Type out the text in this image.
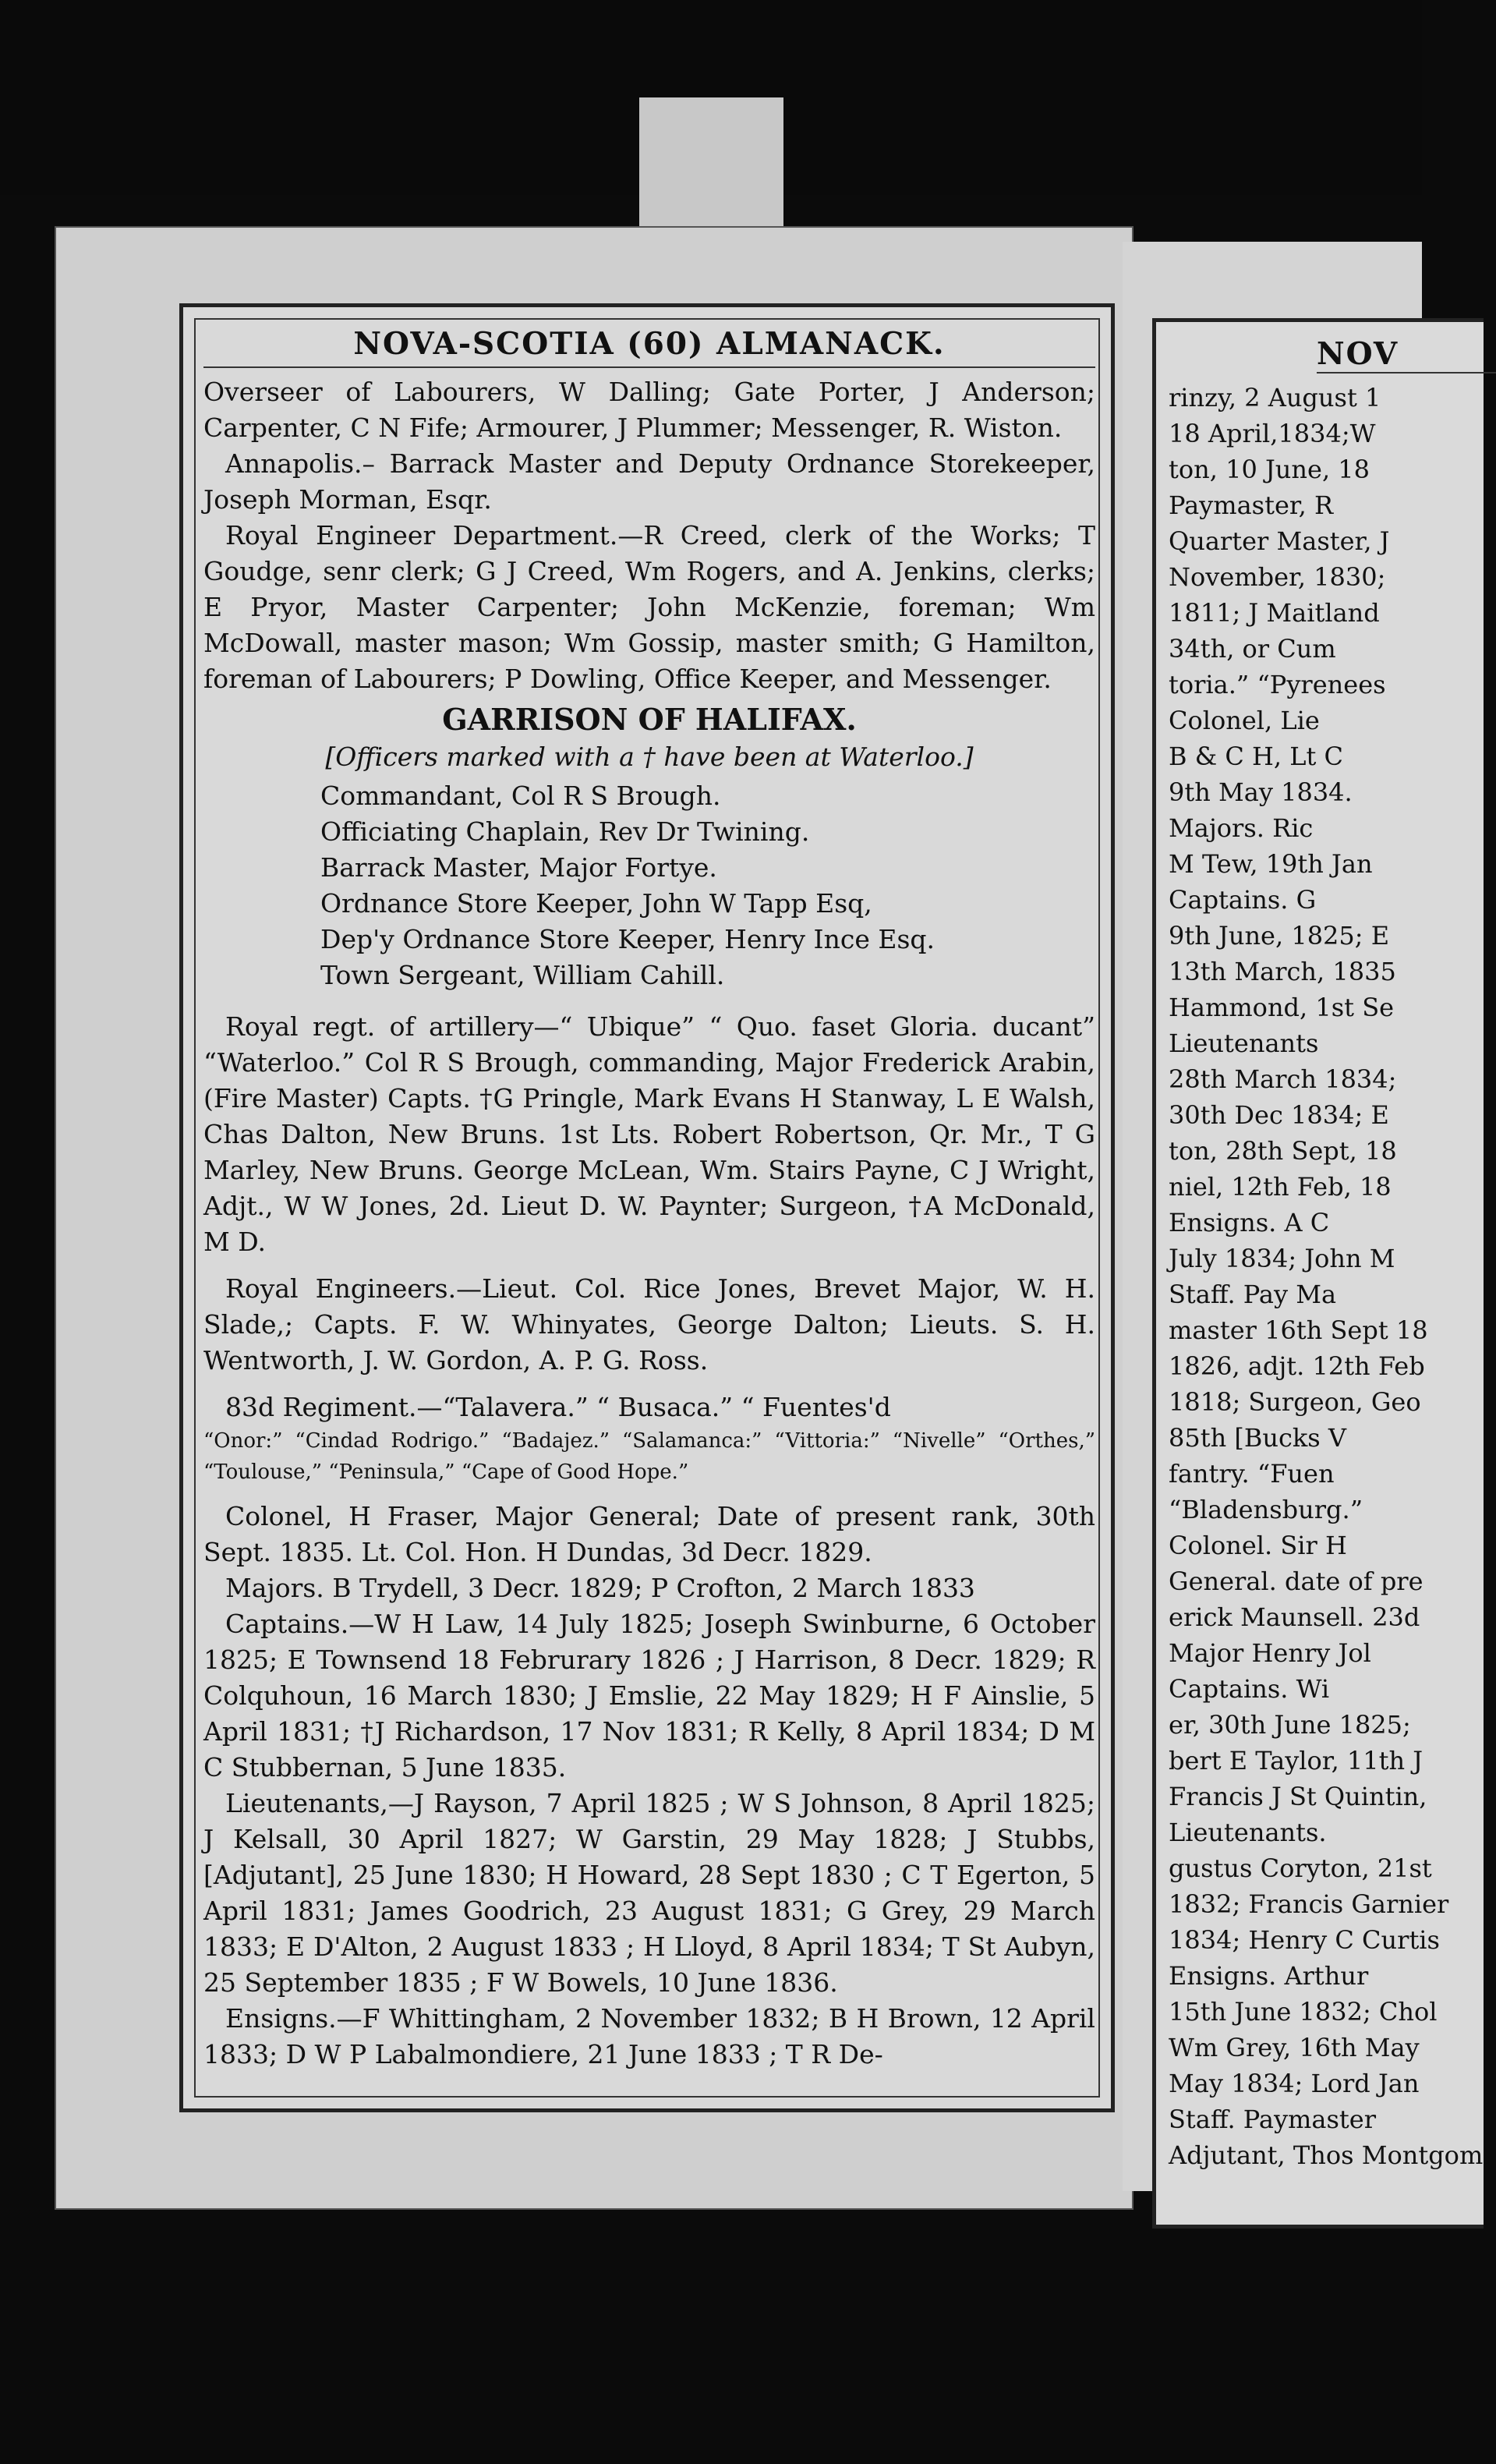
NOVA-SCOTIA (60) ALMANACK.

Overseer of Labourers, W Dalling; Gate Porter, J Anderson; Carpenter, C N Fife; Armourer, J Plummer; Messenger, R. Wiston.

Annapolis.– Barrack Master and Deputy Ordnance Storekeeper, Joseph Morman, Esqr.

Royal Engineer Department.—R Creed, clerk of the Works; T Goudge, senr clerk; G J Creed, Wm Rogers, and A. Jenkins, clerks; E Pryor, Master Carpenter; John McKenzie, foreman; Wm McDowall, master mason; Wm Gossip, master smith; G Hamilton, foreman of Labourers; P Dowling, Office Keeper, and Messenger.

GARRISON OF HALIFAX.
[Officers marked with a † have been at Waterloo.]
Commandant, Col R S Brough.
Officiating Chaplain, Rev Dr Twining.
Barrack Master, Major Fortye.
Ordnance Store Keeper, John W Tapp Esq,
Dep'y Ordnance Store Keeper, Henry Ince Esq.
Town Sergeant, William Cahill.

Royal regt. of artillery—“ Ubique” “ Quo. faset Gloria. ducant” “Waterloo.” Col R S Brough, commanding, Major Frederick Arabin, (Fire Master) Capts. †G Pringle, Mark Evans H Stanway, L E Walsh, Chas Dalton, New Bruns. 1st Lts. Robert Robertson, Qr. Mr., T G Marley, New Bruns. George McLean, Wm. Stairs Payne, C J Wright, Adjt., W W Jones, 2d. Lieut D. W. Paynter; Surgeon, †A McDonald, M D.

Royal Engineers.—Lieut. Col. Rice Jones, Brevet Major, W. H. Slade,; Capts. F. W. Whinyates, George Dalton; Lieuts. S. H. Wentworth, J. W. Gordon, A. P. G. Ross.

83d Regiment.—“Talavera.” “ Busaca.” “ Fuentes'd

“Onor:” “Cindad Rodrigo.” “Badajez.” “Salamanca:” “Vittoria:” “Nivelle” “Orthes,” “Toulouse,” “Peninsula,” “Cape of Good Hope.”

Colonel, H Fraser, Major General; Date of present rank, 30th Sept. 1835. Lt. Col. Hon. H Dundas, 3d Decr. 1829.

Majors. B Trydell, 3 Decr. 1829; P Crofton, 2 March 1833

Captains.—W H Law, 14 July 1825; Joseph Swinburne, 6 October 1825; E Townsend 18 Februrary 1826 ; J Harrison, 8 Decr. 1829; R Colquhoun, 16 March 1830; J Emslie, 22 May 1829; H F Ainslie, 5 April 1831; †J Richardson, 17 Nov 1831; R Kelly, 8 April 1834; D M C Stubbernan, 5 June 1835.

Lieutenants,—J Rayson, 7 April 1825 ; W S Johnson, 8 April 1825; J Kelsall, 30 April 1827; W Garstin, 29 May 1828; J Stubbs, [Adjutant], 25 June 1830; H Howard, 28 Sept 1830 ; C T Egerton, 5 April 1831; James Goodrich, 23 August 1831; G Grey, 29 March 1833; E D'Alton, 2 August 1833 ; H Lloyd, 8 April 1834; T St Aubyn, 25 September 1835 ; F W Bowels, 10 June 1836.

Ensigns.—F Whittingham, 2 November 1832; B H Brown, 12 April 1833; D W P Labalmondiere, 21 June 1833 ; T R De-

NOV
rinzy, 2 August 1
18 April,1834;W
ton, 10 June, 18
Paymaster, R
Quarter Master, J
November, 1830;
1811; J Maitland
34th, or Cum
toria.” “Pyrenees
Colonel, Lie
B & C H, Lt C
9th May 1834.
Majors. Ric
M Tew, 19th Jan
Captains. G
9th June, 1825; E
13th March, 1835
Hammond, 1st Se
Lieutenants
28th March 1834;
30th Dec 1834; E
ton, 28th Sept, 18
niel, 12th Feb, 18
Ensigns. A C
July 1834; John M
Staff. Pay Ma
master 16th Sept 18
1826, adjt. 12th Feb
1818; Surgeon, Geo
85th [Bucks V
fantry. “Fuen
“Bladensburg.”
Colonel. Sir H
General. date of pre
erick Maunsell. 23d
Major Henry Jol
Captains. Wi
er, 30th June 1825;
bert E Taylor, 11th J
Francis J St Quintin,
Lieutenants.
gustus Coryton, 21st
1832; Francis Garnier
1834; Henry C Curtis
Ensigns. Arthur
15th June 1832; Chol
Wm Grey, 16th May
May 1834; Lord Jan
Staff. Paymaster
Adjutant, Thos Montgom
